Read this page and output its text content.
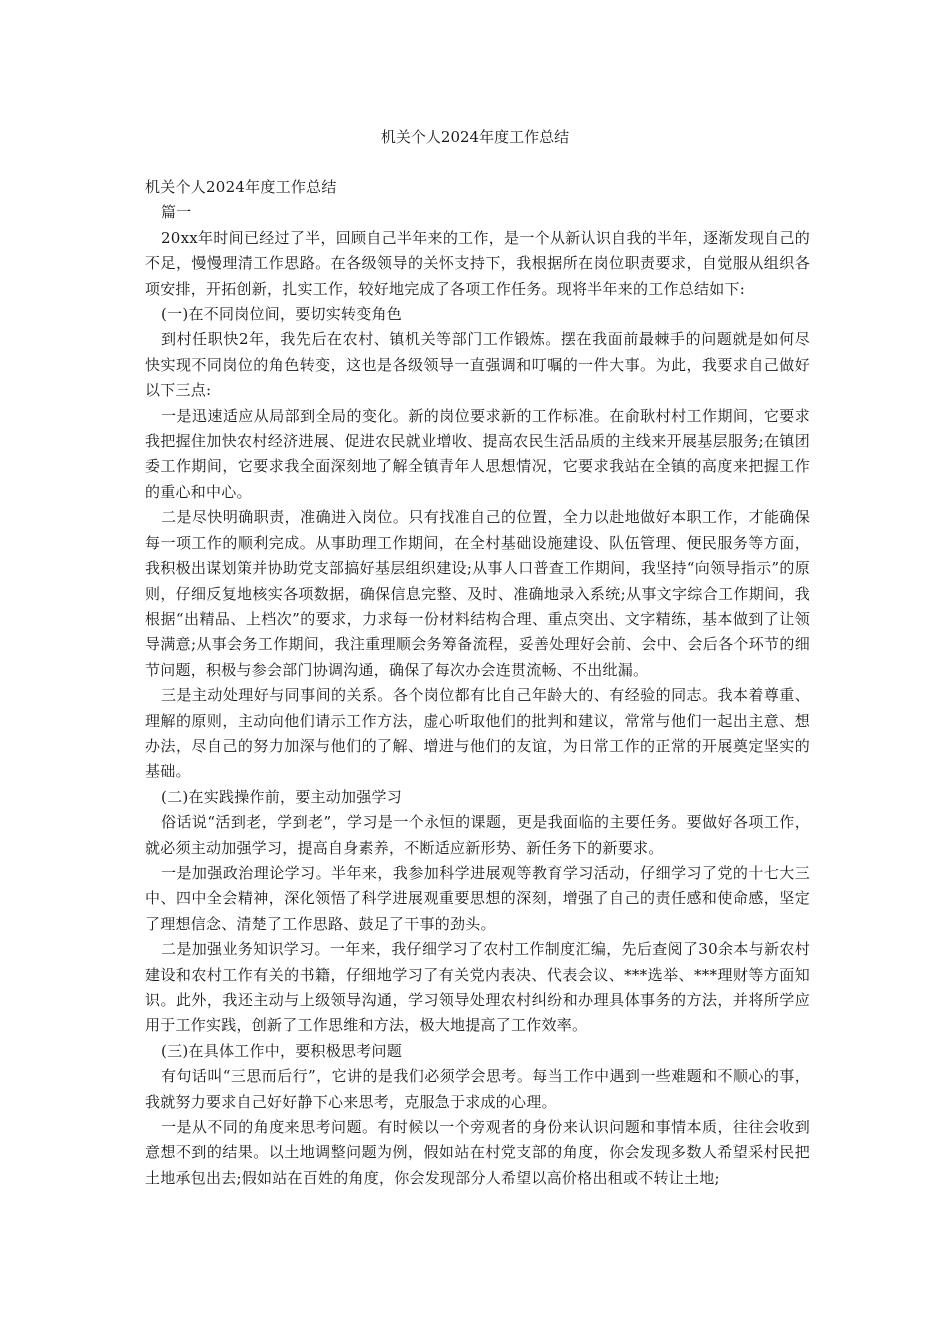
机关个人2024年度工作总结

机关个人2024年度工作总结

篇一

20xx年时间已经过了半，回顾自己半年来的工作，是一个从新认识自我的半年，逐渐发现自己的不足，慢慢理清工作思路。在各级领导的关怀支持下，我根据所在岗位职责要求，自觉服从组织各项安排，开拓创新，扎实工作，较好地完成了各项工作任务。现将半年来的工作总结如下:

(一)在不同岗位间，要切实转变角色

到村任职快2年，我先后在农村、镇机关等部门工作锻炼。摆在我面前最棘手的问题就是如何尽快实现不同岗位的角色转变，这也是各级领导一直强调和叮嘱的一件大事。为此，我要求自己做好以下三点:

一是迅速适应从局部到全局的变化。新的岗位要求新的工作标准。在俞耿村村工作期间，它要求我把握住加快农村经济进展、促进农民就业增收、提高农民生活品质的主线来开展基层服务;在镇团委工作期间，它要求我全面深刻地了解全镇青年人思想情况，它要求我站在全镇的高度来把握工作的重心和中心。

二是尽快明确职责，准确进入岗位。只有找准自己的位置，全力以赴地做好本职工作，才能确保每一项工作的顺利完成。从事助理工作期间，在全村基础设施建设、队伍管理、便民服务等方面，我积极出谋划策并协助党支部搞好基层组织建设;从事人口普查工作期间，我坚持“向领导指示”的原则，仔细反复地核实各项数据，确保信息完整、及时、准确地录入系统;从事文字综合工作期间，我根据“出精品、上档次”的要求，力求每一份材料结构合理、重点突出、文字精练，基本做到了让领导满意;从事会务工作期间，我注重理顺会务筹备流程，妥善处理好会前、会中、会后各个环节的细节问题，积极与参会部门协调沟通，确保了每次办会连贯流畅、不出纰漏。

三是主动处理好与同事间的关系。各个岗位都有比自己年龄大的、有经验的同志。我本着尊重、理解的原则，主动向他们请示工作方法，虚心听取他们的批判和建议，常常与他们一起出主意、想办法，尽自己的努力加深与他们的了解、增进与他们的友谊，为日常工作的正常的开展奠定坚实的基础。

(二)在实践操作前，要主动加强学习

俗话说“活到老，学到老”，学习是一个永恒的课题，更是我面临的主要任务。要做好各项工作，就必须主动加强学习，提高自身素养，不断适应新形势、新任务下的新要求。

一是加强政治理论学习。半年来，我参加科学进展观等教育学习活动，仔细学习了党的十七大三中、四中全会精神，深化领悟了科学进展观重要思想的深刻，增强了自己的责任感和使命感，坚定了理想信念、清楚了工作思路、鼓足了干事的劲头。

二是加强业务知识学习。一年来，我仔细学习了农村工作制度汇编，先后查阅了30余本与新农村建设和农村工作有关的书籍，仔细地学习了有关党内表决、代表会议、***选举、***理财等方面知识。此外，我还主动与上级领导沟通，学习领导处理农村纠纷和办理具体事务的方法，并将所学应用于工作实践，创新了工作思维和方法，极大地提高了工作效率。

(三)在具体工作中，要积极思考问题

有句话叫“三思而后行”，它讲的是我们必须学会思考。每当工作中遇到一些难题和不顺心的事，我就努力要求自己好好静下心来思考，克服急于求成的心理。

一是从不同的角度来思考问题。有时候以一个旁观者的身份来认识问题和事情本质，往往会收到意想不到的结果。以土地调整问题为例，假如站在村党支部的角度，你会发现多数人希望采村民把土地承包出去;假如站在百姓的角度，你会发现部分人希望以高价格出租或不转让土地;
